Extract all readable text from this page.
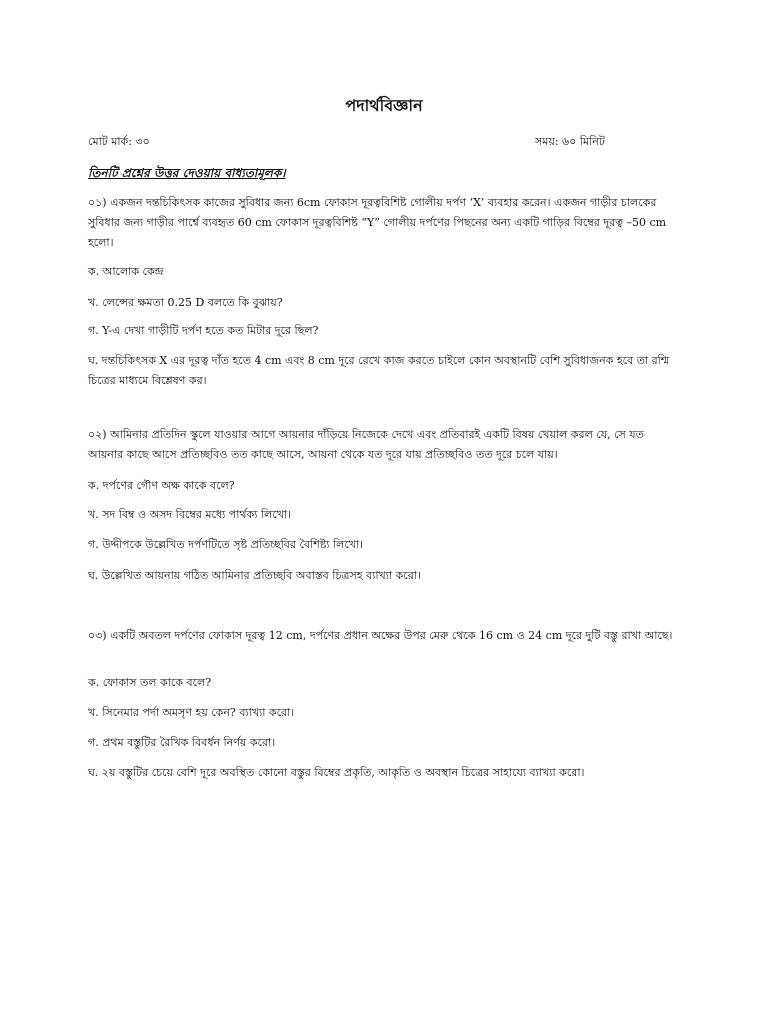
পদার্থবিজ্ঞান
মোট মার্ক: ৩০	সময়: ৬০ মিনিট
তিনটি প্রশ্নের উত্তর দেওয়ায় বাধ্যতামূলক।
০১) একজন দন্তচিকিৎসক কাজের সুবিধার জন্য 6cm ফোকাস দূরত্ববিশিষ্ট গোলীয় দর্পণ ‘X’ ব্যবহার করেন। একজন গাড়ীর চালকের সুবিধার জন্য গাড়ীর পার্শ্বে ব্যবহৃত 60 cm ফোকাস দূরত্ববিশিষ্ট “Y” গোলীয় দর্পণের পিছনের অন্য একটি গাড়ির বিম্বের দূরত্ব –50 cm হলো।
ক. আলোক কেন্দ্র
খ. লেন্সের ক্ষমতা 0.25 D বলতে কি বুঝায়?
গ. Y-এ দেখা গাড়ীটি দর্পণ হতে কত মিটার দূরে ছিল?
ঘ. দন্তচিকিৎসক X এর দূরত্ব দাঁত হতে 4 cm এবং 8 cm দূরে রেখে কাজ করতে চাইলে কোন অবস্থানটি বেশি সুবিধাজনক হবে তা রশ্মি চিত্রের মাধ্যমে বিশ্লেষণ কর।
০২) আমিনার প্রতিদিন স্কুলে যাওয়ার আগে আয়নার দাঁড়িয়ে নিজেকে দেখে এবং প্রতিবারই একটি বিষয় খেয়াল করল যে, সে যত আয়নার কাছে আসে প্রতিচ্ছবিও তত কাছে আসে, আয়না থেকে যত দূরে যায় প্রতিচ্ছবিও তত দূরে চলে যায়।
ক. দর্পণের গৌণ অক্ষ কাকে বলে?
খ. সদ বিম্ব ও অসদ বিম্বের মধ্যে পার্থক্য লিখো।
গ. উদ্দীপকে উল্লেখিত দর্পণটিতে সৃষ্ট প্রতিচ্ছবির বৈশিষ্ট্য লিখো।
ঘ. উল্লেখিত আয়নায় গঠিত আমিনার প্রতিচ্ছবি অবাস্তব চিত্রসহ ব্যাখ্যা করো।
০৩) একটি অবতল দর্পণের ফোকাস দূরত্ব 12 cm, দর্পণের প্রধান অক্ষের উপর মেরু থেকে 16 cm ও 24 cm দূরে দুটি বস্তু রাখা আছে।
ক. ফোকাস তল কাকে বলে?
খ. সিনেমার পর্দা অমসৃণ হয় কেন? ব্যাখ্যা করো।
গ. প্রথম বস্তুটির রৈখিক বিবর্ধন নির্ণয় করো।
ঘ. ২য় বস্তুটির চেয়ে বেশি দূরে অবস্থিত কোনো বস্তুর বিম্বের প্রকৃতি, আকৃতি ও অবস্থান চিত্রের সাহায্যে ব্যাখ্যা করো।
